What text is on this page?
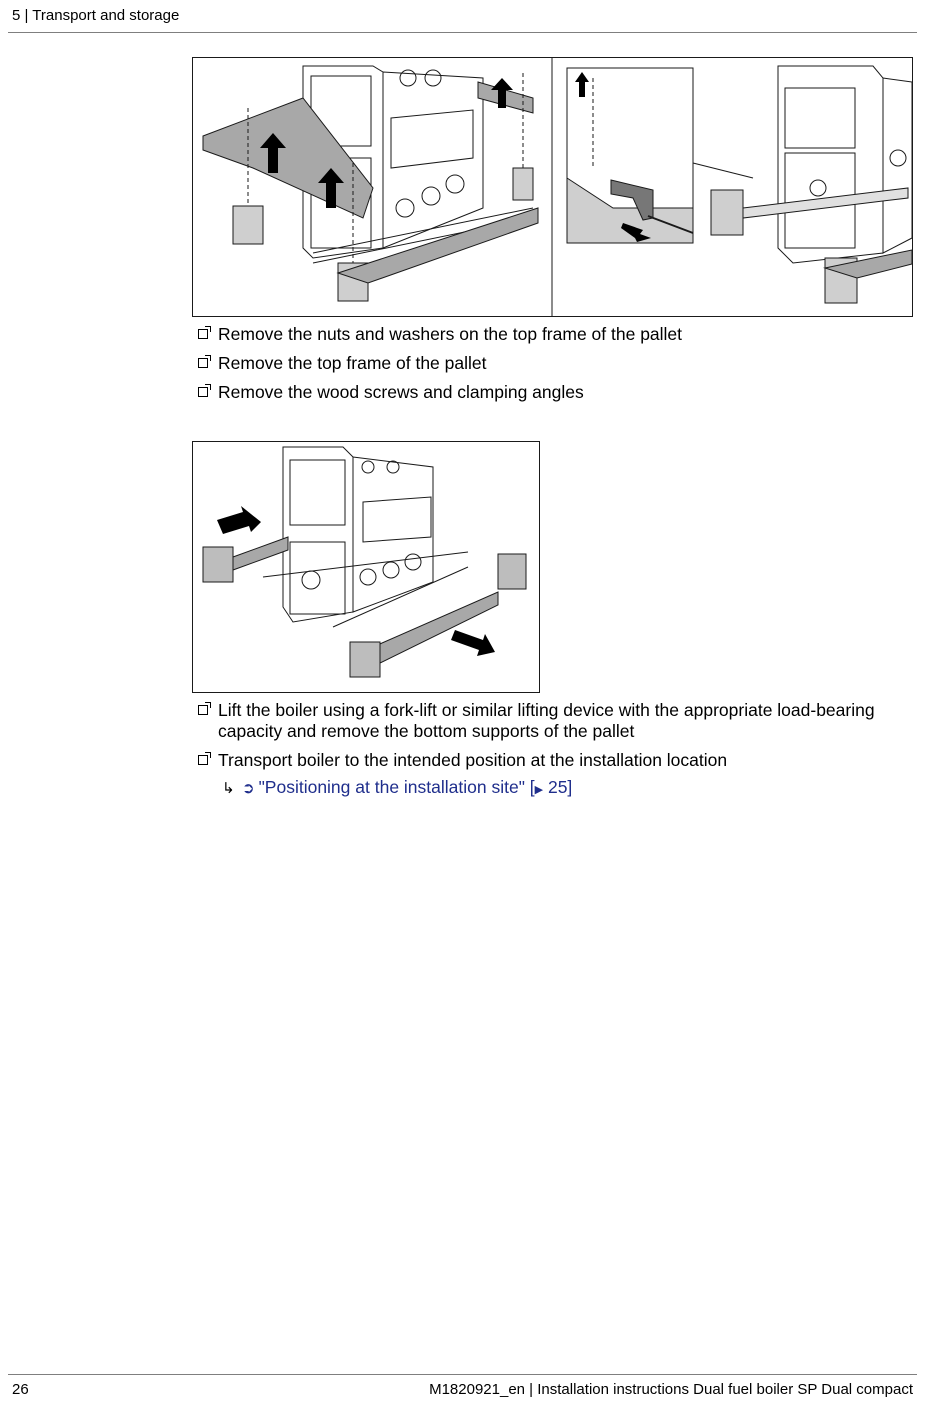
5 | Transport and storage
Remove the nuts and washers on the top frame of the pallet
Remove the top frame of the pallet
Remove the wood screws and clamping angles
Lift the boiler using a fork-lift or similar lifting device with the appropriate load-bearing capacity and remove the bottom supports of the pallet
Transport boiler to the intended position at the installation location
↳ ➲ "Positioning at the installation site" [▶ 25]
26	M1820921_en | Installation instructions Dual fuel boiler SP Dual compact
